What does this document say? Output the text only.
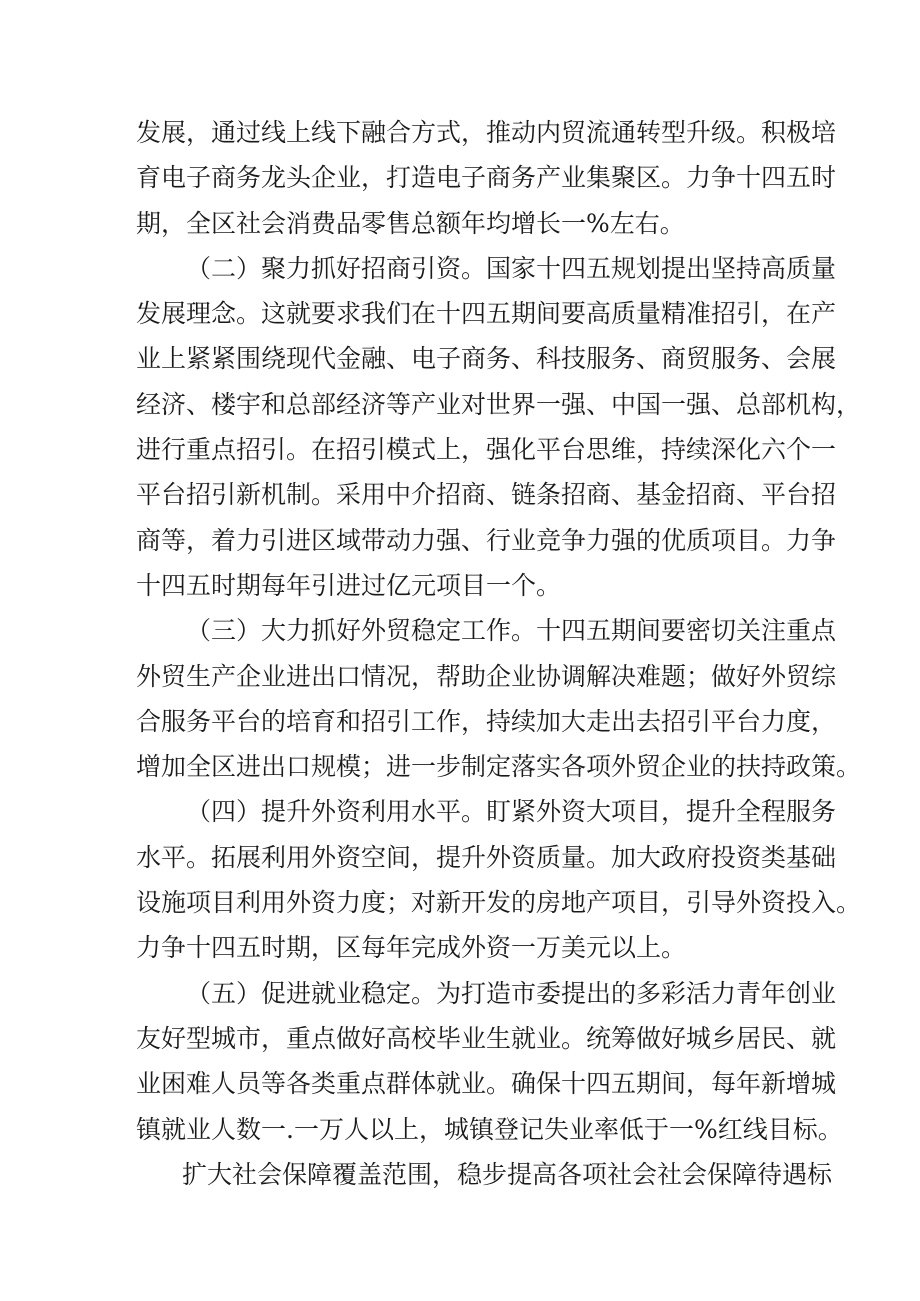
发展，通过线上线下融合方式，推动内贸流通转型升级。积极培
育电子商务龙头企业，打造电子商务产业集聚区。力争十四五时
期，全区社会消费品零售总额年均增长一%左右。
（二）聚力抓好招商引资。国家十四五规划提出坚持高质量
发展理念。这就要求我们在十四五期间要高质量精准招引，在产
业上紧紧围绕现代金融、电子商务、科技服务、商贸服务、会展
经济、楼宇和总部经济等产业对世界一强、中国一强、总部机构，
进行重点招引。在招引模式上，强化平台思维，持续深化六个一
平台招引新机制。采用中介招商、链条招商、基金招商、平台招
商等，着力引进区域带动力强、行业竞争力强的优质项目。力争
十四五时期每年引进过亿元项目一个。
（三）大力抓好外贸稳定工作。十四五期间要密切关注重点
外贸生产企业进出口情况，帮助企业协调解决难题；做好外贸综
合服务平台的培育和招引工作，持续加大走出去招引平台力度，
增加全区进出口规模；进一步制定落实各项外贸企业的扶持政策。
（四）提升外资利用水平。盯紧外资大项目，提升全程服务
水平。拓展利用外资空间，提升外资质量。加大政府投资类基础
设施项目利用外资力度；对新开发的房地产项目，引导外资投入。
力争十四五时期，区每年完成外资一万美元以上。
（五）促进就业稳定。为打造市委提出的多彩活力青年创业
友好型城市，重点做好高校毕业生就业。统筹做好城乡居民、就
业困难人员等各类重点群体就业。确保十四五期间，每年新增城
镇就业人数一.一万人以上，城镇登记失业率低于一%红线目标。
扩大社会保障覆盖范围，稳步提高各项社会社会保障待遇标
